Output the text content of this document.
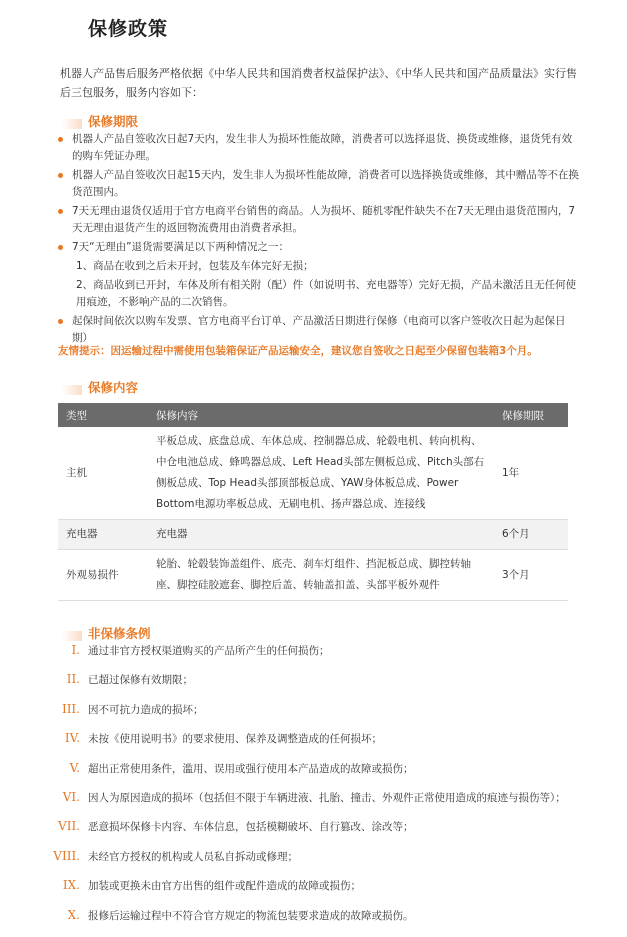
保修政策
机器人产品售后服务严格依据《中华人民共和国消费者权益保护法》、《中华人民共和国产品质量法》实行售后三包服务，服务内容如下：
保修期限
机器人产品自签收次日起7天内，发生非人为损坏性能故障，消费者可以选择退货、换货或维修，退货凭有效的购车凭证办理。
机器人产品自签收次日起15天内，发生非人为损坏性能故障，消费者可以选择换货或维修，其中赠品等不在换货范围内。
7天无理由退货仅适用于官方电商平台销售的商品。人为损坏、随机零配件缺失不在7天无理由退货范围内，7天无理由退货产生的返回物流费用由消费者承担。
7天“无理由”退货需要满足以下两种情况之一：
1、商品在收到之后未开封，包装及车体完好无损；
2、商品收到已开封，车体及所有相关附（配）件（如说明书、充电器等）完好无损，产品未激活且无任何使用痕迹，不影响产品的二次销售。
起保时间依次以购车发票、官方电商平台订单、产品激活日期进行保修（电商可以客户签收次日起为起保日期）
友情提示：因运输过程中需使用包装箱保证产品运输安全，建议您自签收之日起至少保留包装箱3个月。
保修内容
类型	保修内容	保修期限
主机	平板总成、底盘总成、车体总成、控制器总成、轮毂电机、转向机构、中仓电池总成、蜂鸣器总成、Left Head头部左侧板总成、Pitch头部右侧板总成、Top Head头部顶部板总成、YAW身体板总成、Power Bottom电源功率板总成、无刷电机、扬声器总成、连接线	1年
充电器	充电器	6个月
外观易损件	轮胎、轮毂装饰盖组件、底壳、刹车灯组件、挡泥板总成、脚控转轴座、脚控硅胶遮套、脚控后盖、转轴盖扣盖、头部平板外观件	3个月
非保修条例
I. 通过非官方授权渠道购买的产品所产生的任何损伤；
II. 已超过保修有效期限；
III. 因不可抗力造成的损坏；
IV. 未按《使用说明书》的要求使用、保养及调整造成的任何损坏；
V. 超出正常使用条件，滥用、误用或强行使用本产品造成的故障或损伤；
VI. 因人为原因造成的损坏（包括但不限于车辆进液、扎胎、撞击、外观件正常使用造成的痕迹与损伤等）；
VII. 恶意损坏保修卡内容、车体信息，包括模糊破坏、自行篡改、涂改等；
VIII. 未经官方授权的机构或人员私自拆动或修理；
IX. 加装或更换未由官方出售的组件或配件造成的故障或损伤；
X. 报修后运输过程中不符合官方规定的物流包装要求造成的故障或损伤。
